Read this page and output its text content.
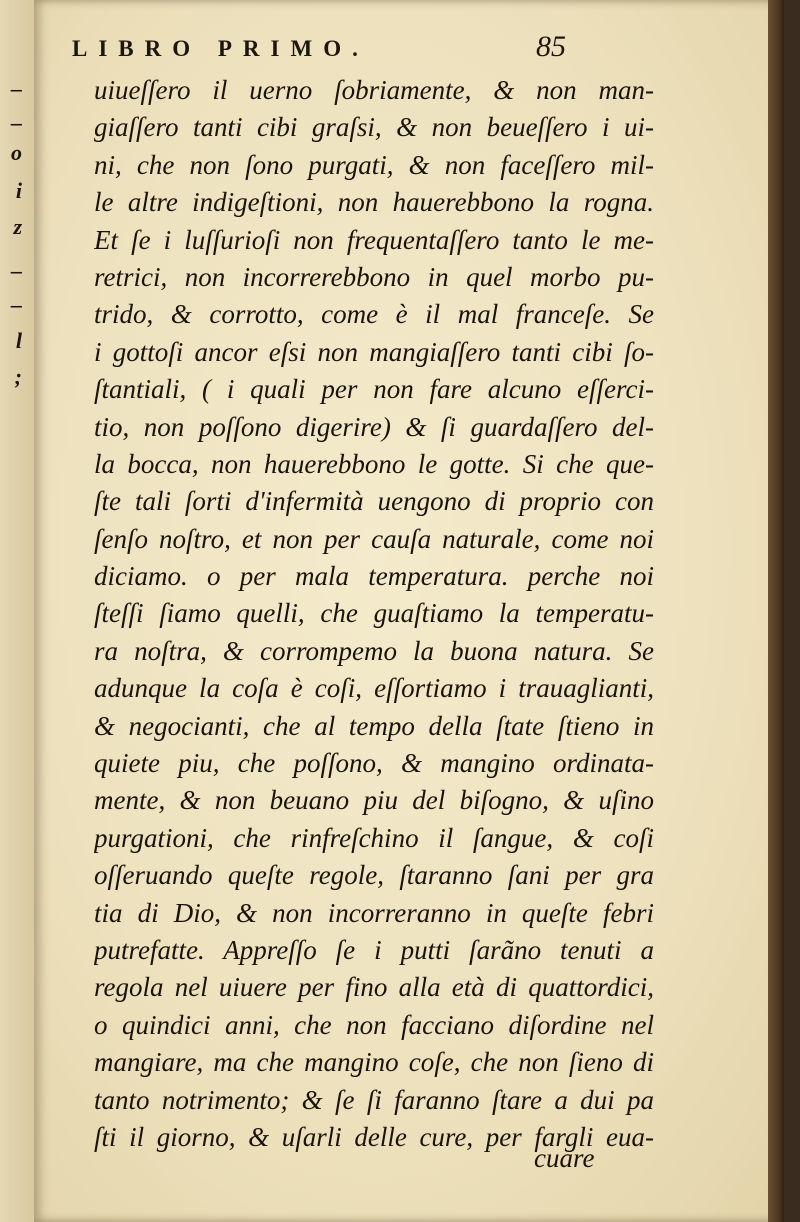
–
–
o
i
z
–
–
l
;
LIBRO PRIMO.	85
uiueſſero il uerno ſobriamente, & non man-
giaſſero tanti cibi graſsi, & non beueſſero i ui-
ni, che non ſono purgati, & non faceſſero mil-
le altre indigeſtioni, non hauerebbono la rogna.
Et ſe i luſſurioſi non frequentaſſero tanto le me-
retrici, non incorrerebbono in quel morbo pu-
trido, & corrotto, come è il mal franceſe. Se
i gottoſi ancor eſsi non mangiaſſero tanti cibi ſo-
ſtantiali, ( i quali per non fare alcuno eſſerci-
tio, non poſſono digerire) & ſi guardaſſero del-
la bocca, non hauerebbono le gotte. Si che que-
ſte tali ſorti d'infermità uengono di proprio con
ſenſo noſtro, et non per cauſa naturale, come noi
diciamo. o per mala temperatura. perche noi
ſteſſi ſiamo quelli, che guaſtiamo la temperatu-
ra noſtra, & corrompemo la buona natura. Se
adunque la coſa è coſi, eſſortiamo i trauaglianti,
& negocianti, che al tempo della ſtate ſtieno in
quiete piu, che poſſono, & mangino ordinata-
mente, & non beuano piu del biſogno, & uſino
purgationi, che rinfreſchino il ſangue, & coſi
oſſeruando queſte regole, ſtaranno ſani per gra
tia di Dio, & non incorreranno in queſte febri
putrefatte. Appreſſo ſe i putti ſarãno tenuti a
regola nel uiuere per fino alla età di quattordici,
o quindici anni, che non facciano diſordine nel
mangiare, ma che mangino coſe, che non ſieno di
tanto notrimento; & ſe ſi faranno ſtare a dui pa
ſti il giorno, & uſarli delle cure, per fargli eua-
cuare
